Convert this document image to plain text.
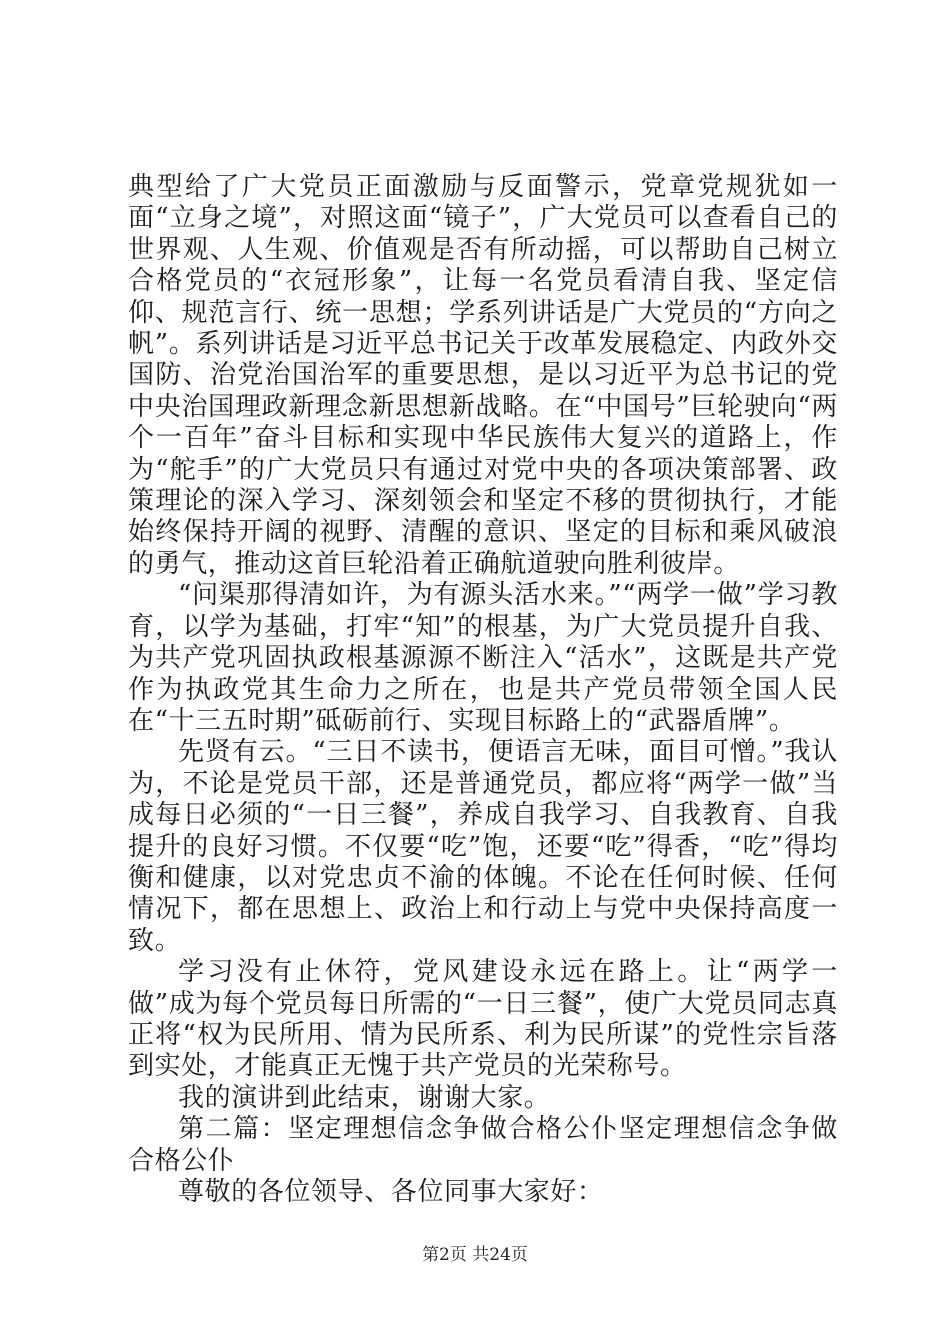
典型给了广大党员正面激励与反面警示，党章党规犹如一面“立身之境”，对照这面“镜子”，广大党员可以查看自己的世界观、人生观、价值观是否有所动摇，可以帮助自己树立合格党员的“衣冠形象”，让每一名党员看清自我、坚定信仰、规范言行、统一思想；学系列讲话是广大党员的“方向之帆”。系列讲话是习近平总书记关于改革发展稳定、内政外交国防、治党治国治军的重要思想，是以习近平为总书记的党中央治国理政新理念新思想新战略。在“中国号”巨轮驶向“两个一百年”奋斗目标和实现中华民族伟大复兴的道路上，作为“舵手”的广大党员只有通过对党中央的各项决策部署、政策理论的深入学习、深刻领会和坚定不移的贯彻执行，才能始终保持开阔的视野、清醒的意识、坚定的目标和乘风破浪的勇气，推动这首巨轮沿着正确航道驶向胜利彼岸。

“问渠那得清如许，为有源头活水来。”“两学一做”学习教育，以学为基础，打牢“知”的根基，为广大党员提升自我、为共产党巩固执政根基源源不断注入“活水”，这既是共产党作为执政党其生命力之所在，也是共产党员带领全国人民在“十三五时期”砥砺前行、实现目标路上的“武器盾牌”。

先贤有云。“三日不读书，便语言无味，面目可憎。”我认为，不论是党员干部，还是普通党员，都应将“两学一做”当成每日必须的“一日三餐”，养成自我学习、自我教育、自我提升的良好习惯。不仅要“吃”饱，还要“吃”得香，“吃”得均衡和健康，以对党忠贞不渝的体魄。不论在任何时候、任何情况下，都在思想上、政治上和行动上与党中央保持高度一致。

学习没有止休符，党风建设永远在路上。让“两学一做”成为每个党员每日所需的“一日三餐”，使广大党员同志真正将“权为民所用、情为民所系、利为民所谋”的党性宗旨落到实处，才能真正无愧于共产党员的光荣称号。

我的演讲到此结束，谢谢大家。

第二篇：坚定理想信念争做合格公仆坚定理想信念争做合格公仆

尊敬的各位领导、各位同事大家好：

第2页 共24页
